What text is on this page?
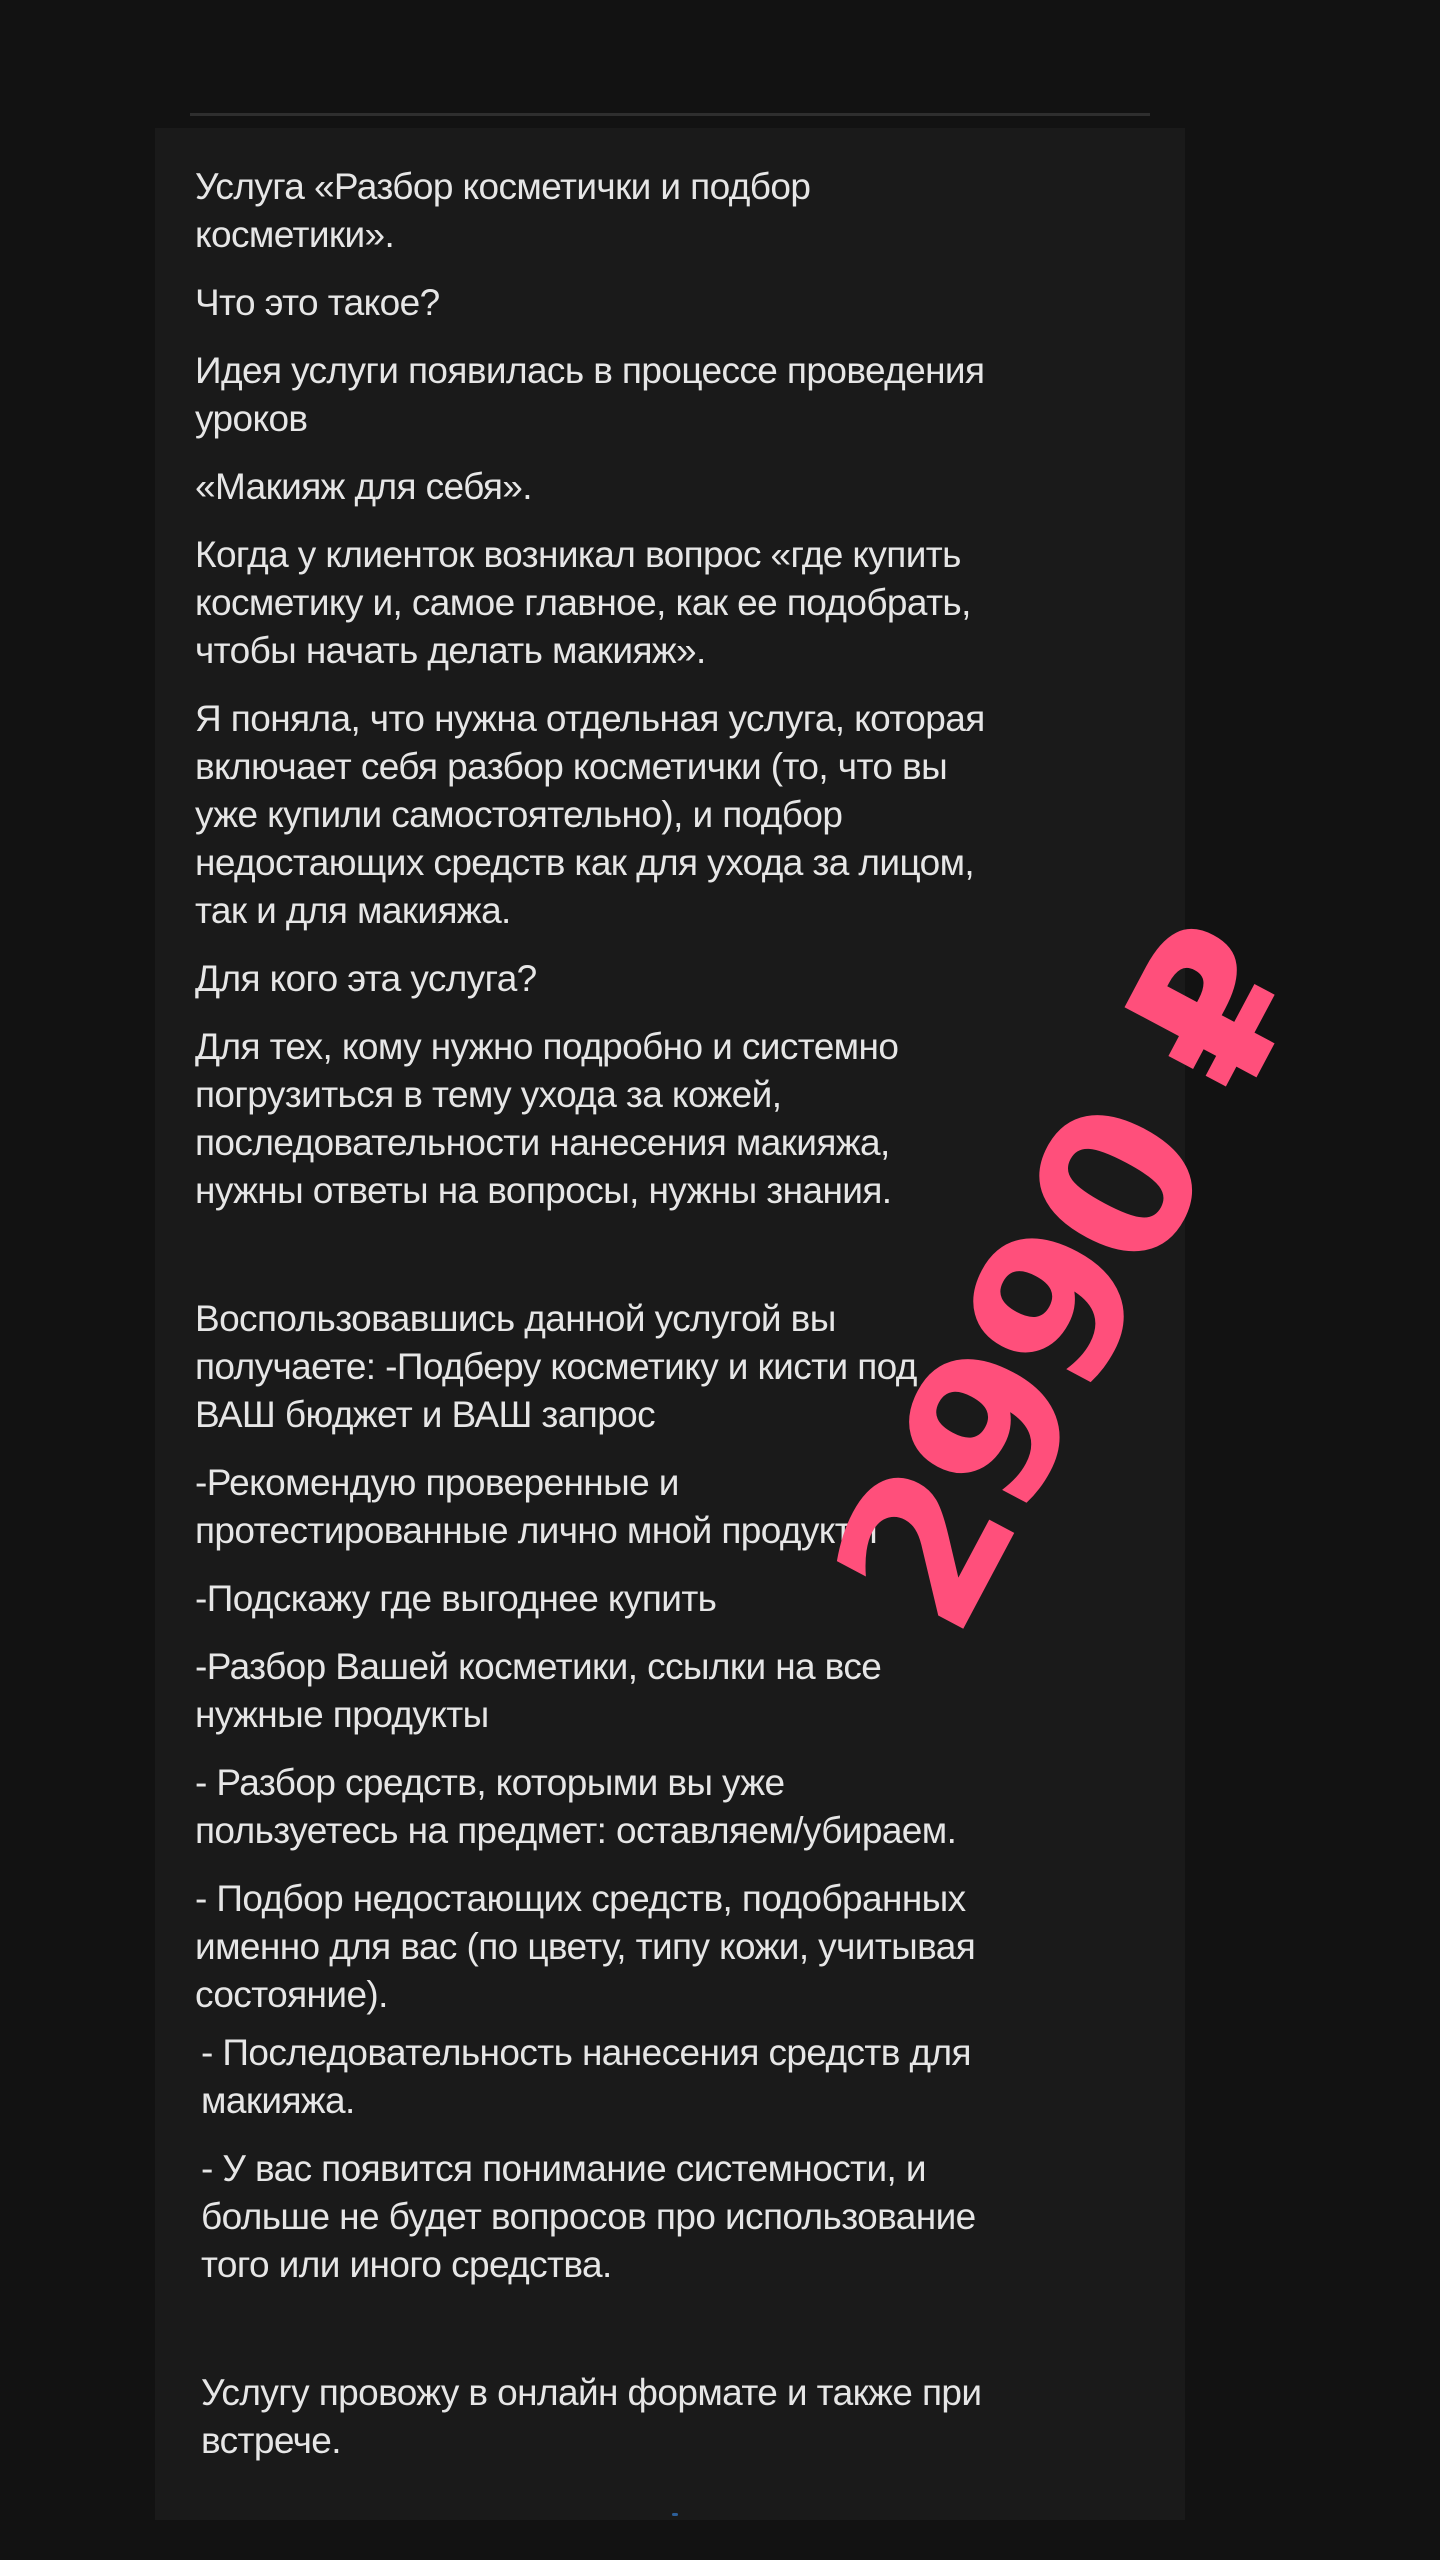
Услуга «Разбор косметички и подбор
косметики».

Что это такое?

Идея услуги появилась в процессе проведения
уроков

«Макияж для себя».

Когда у клиенток возникал вопрос «где купить
косметику и, самое главное, как ее подобрать,
чтобы начать делать макияж».

Я поняла, что нужна отдельная услуга, которая
включает себя разбор косметички (то, что вы
уже купили самостоятельно), и подбор
недостающих средств как для ухода за лицом,
так и для макияжа.

Для кого эта услуга?

Для тех, кому нужно подробно и системно
погрузиться в тему ухода за кожей,
последовательности нанесения макияжа,
нужны ответы на вопросы, нужны знания.

Воспользовавшись данной услугой вы
получаете: -Подберу косметику и кисти под
ВАШ бюджет и ВАШ запрос

-Рекомендую проверенные и
протестированные лично мной продукты

-Подскажу где выгоднее купить

-Разбор Вашей косметики, ссылки на все
нужные продукты

- Разбор средств, которыми вы уже
пользуетесь на предмет: оставляем/убираем.

- Подбор недостающих средств, подобранных
именно для вас (по цвету, типу кожи, учитывая
состояние).

- Последовательность нанесения средств для
макияжа.

- У вас появится понимание системности, и
больше не будет вопросов про использование
того или иного средства.

Услугу провожу в онлайн формате и также при
встрече.

2990 ₽
